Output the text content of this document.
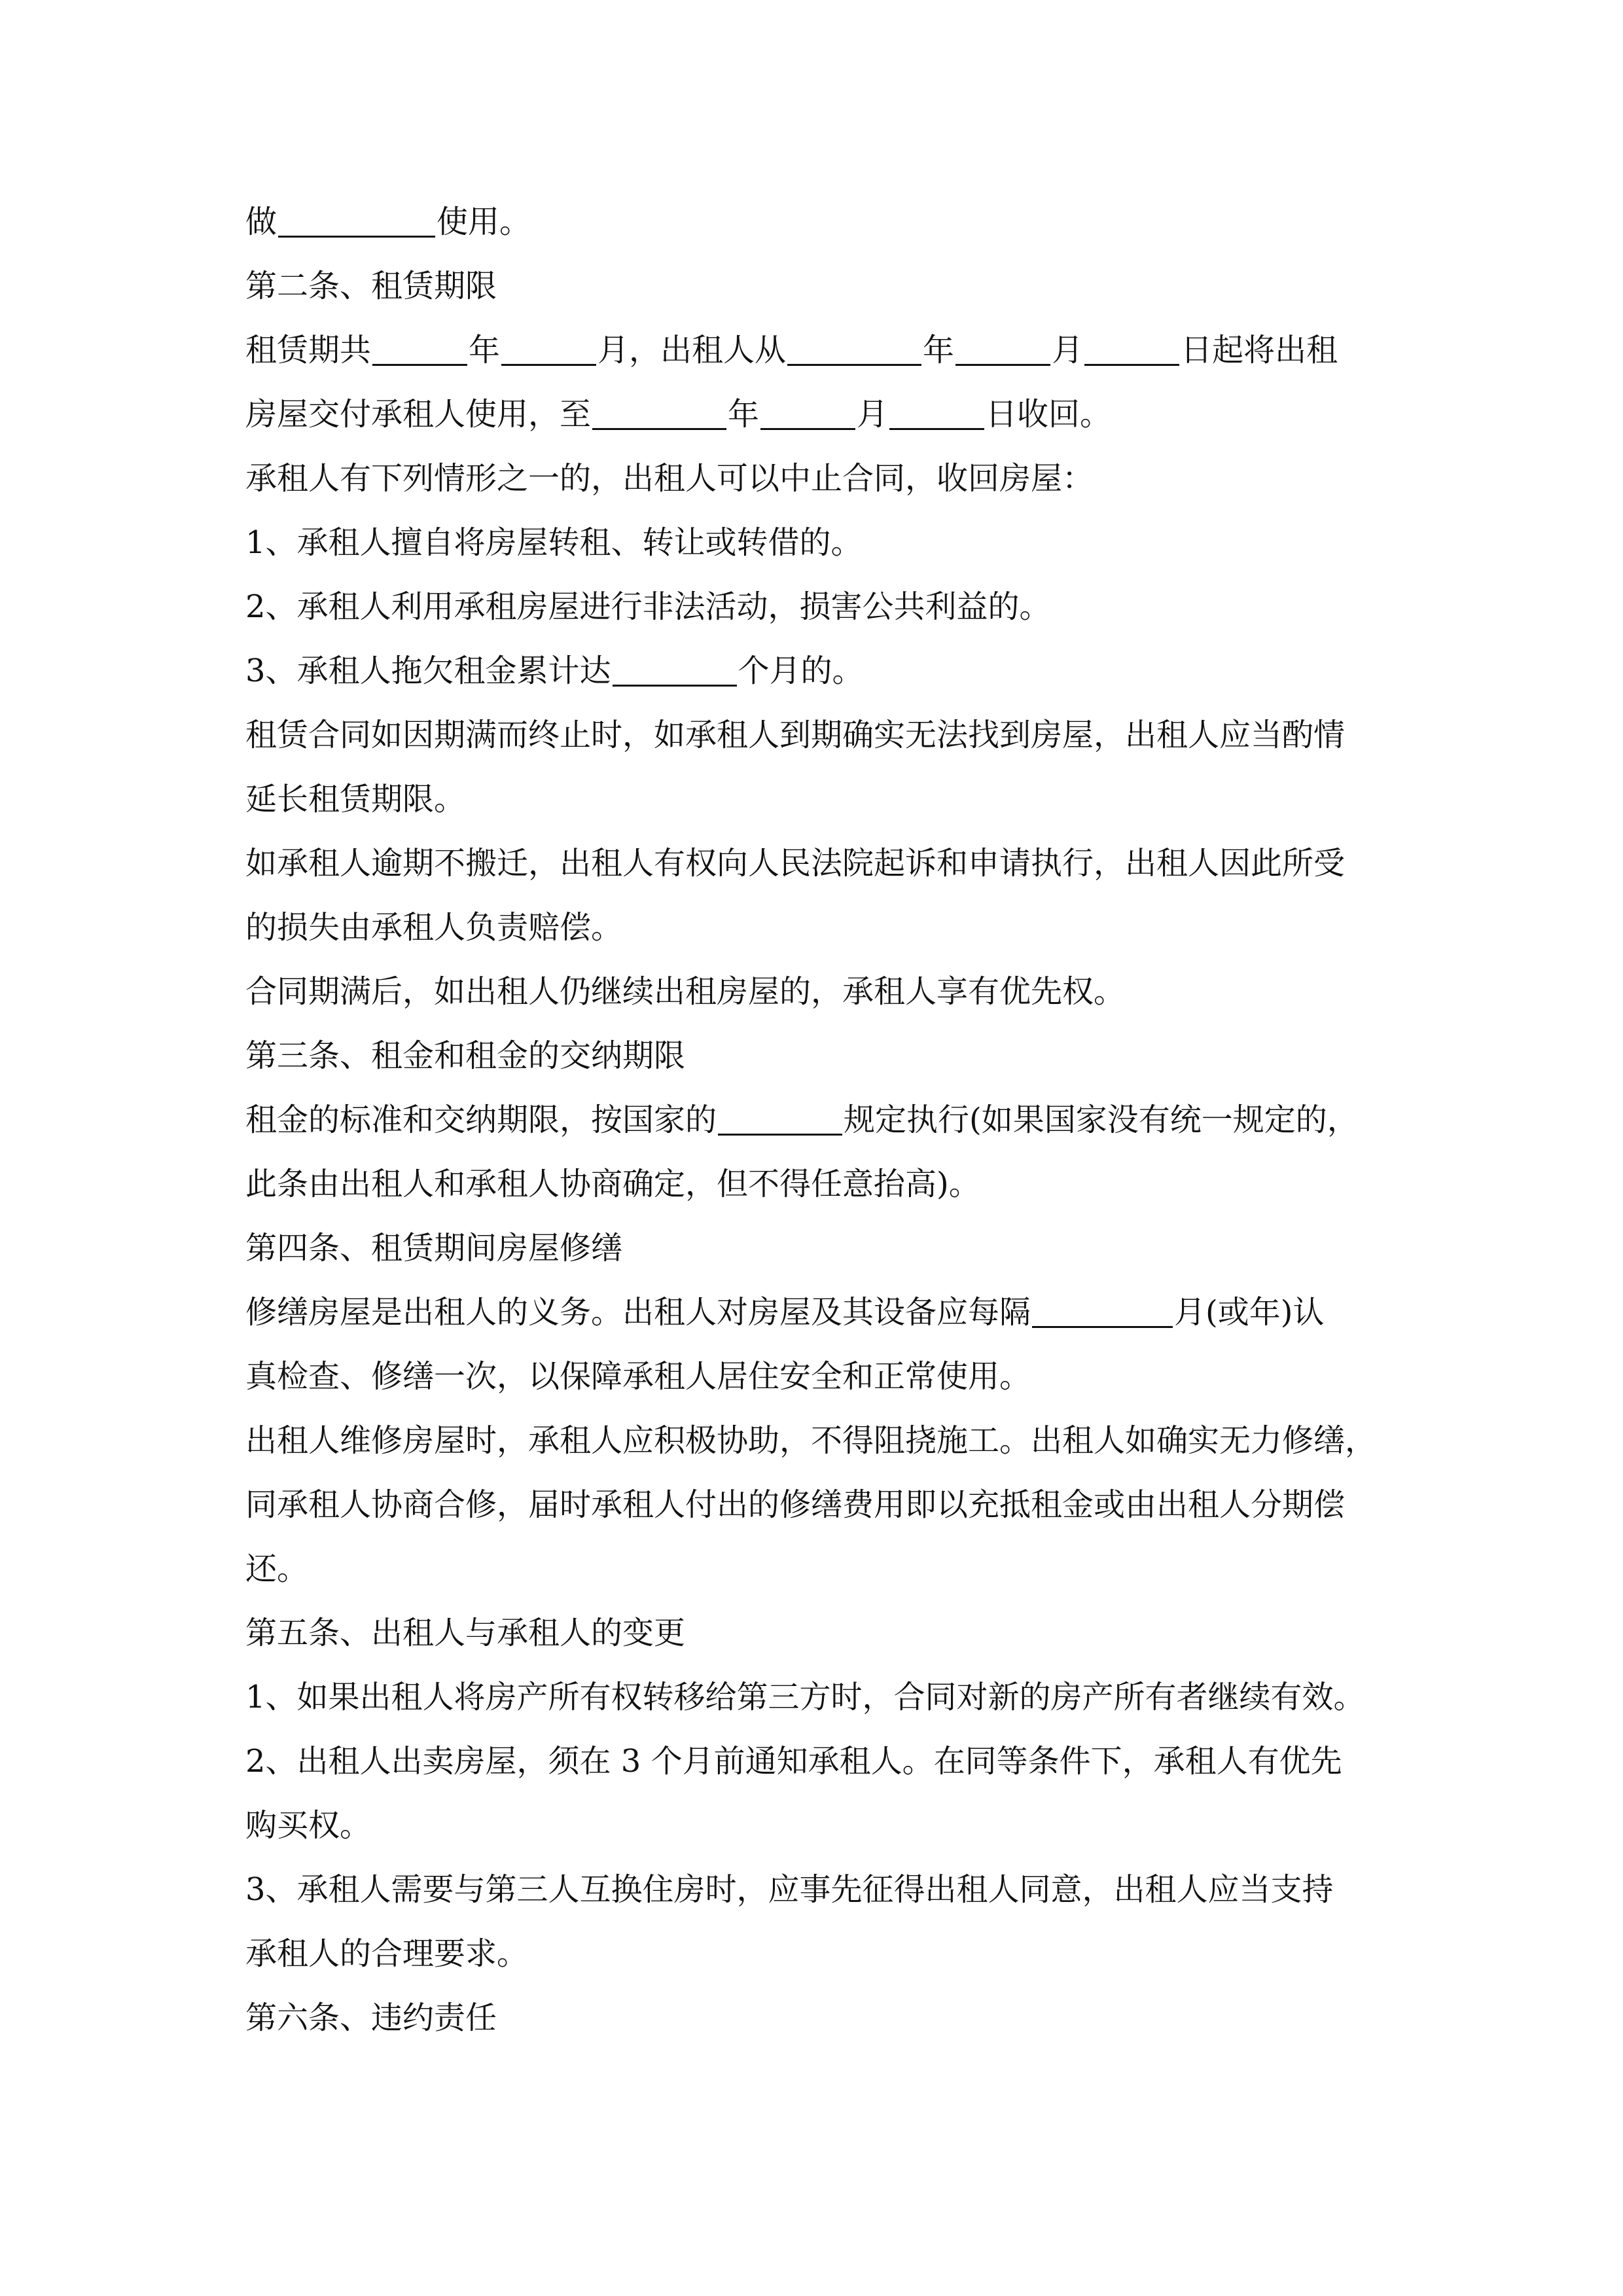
做	使用。
第二条、租赁期限
租赁期共	年	月，出租人从	年	月	日起将出租
房屋交付承租人使用，至	年	月	日收回。
承租人有下列情形之一的，出租人可以中止合同，收回房屋：
1、承租人擅自将房屋转租、转让或转借的。
2、承租人利用承租房屋进行非法活动，损害公共利益的。
3、承租人拖欠租金累计达	个月的。
租赁合同如因期满而终止时，如承租人到期确实无法找到房屋，出租人应当酌情
延长租赁期限。
如承租人逾期不搬迁，出租人有权向人民法院起诉和申请执行，出租人因此所受
的损失由承租人负责赔偿。
合同期满后，如出租人仍继续出租房屋的，承租人享有优先权。
第三条、租金和租金的交纳期限
租金的标准和交纳期限，按国家的	规定执行(如果国家没有统一规定的，
此条由出租人和承租人协商确定，但不得任意抬高)。
第四条、租赁期间房屋修缮
修缮房屋是出租人的义务。出租人对房屋及其设备应每隔	月(或年)认
真检查、修缮一次，以保障承租人居住安全和正常使用。
出租人维修房屋时，承租人应积极协助，不得阻挠施工。出租人如确实无力修缮，
同承租人协商合修，届时承租人付出的修缮费用即以充抵租金或由出租人分期偿
还。
第五条、出租人与承租人的变更
1、如果出租人将房产所有权转移给第三方时，合同对新的房产所有者继续有效。
2、出租人出卖房屋，须在 3 个月前通知承租人。在同等条件下，承租人有优先
购买权。
3、承租人需要与第三人互换住房时，应事先征得出租人同意，出租人应当支持
承租人的合理要求。
第六条、违约责任
